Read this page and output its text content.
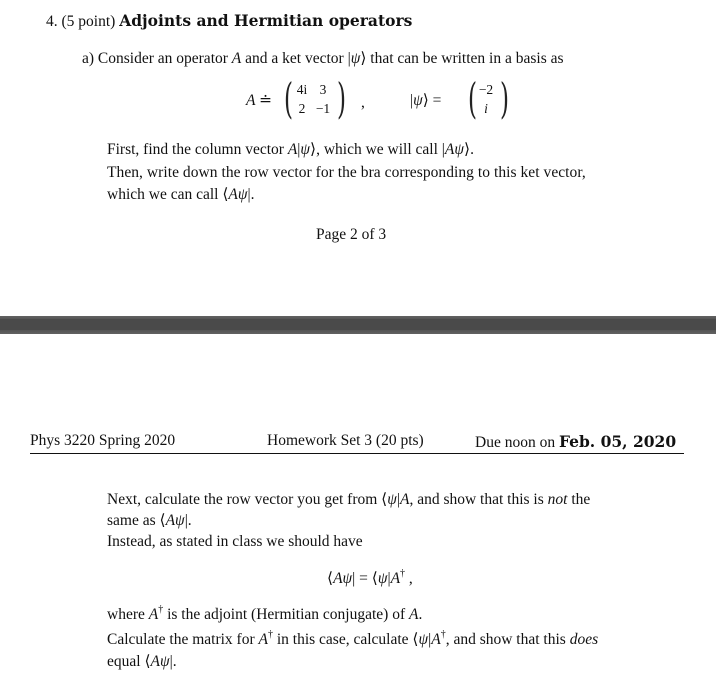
4. (5 point) Adjoints and Hermitian operators
a) Consider an operator A and a ket vector |ψ⟩ that can be written in a basis as
A ≐ ( 4i 3
2 −1 ) ,	|ψ⟩ = ( −2
i )
First, find the column vector A|ψ⟩, which we will call |Aψ⟩.
Then, write down the row vector for the bra corresponding to this ket vector,
which we can call ⟨Aψ|.
Page 2 of 3
Phys 3220 Spring 2020	Homework Set 3 (20 pts)	Due noon on Feb. 05, 2020
Next, calculate the row vector you get from ⟨ψ|A, and show that this is not the
same as ⟨Aψ|.
Instead, as stated in class we should have
⟨Aψ| = ⟨ψ|A† ,
where A† is the adjoint (Hermitian conjugate) of A.
Calculate the matrix for A† in this case, calculate ⟨ψ|A†, and show that this does
equal ⟨Aψ|.
